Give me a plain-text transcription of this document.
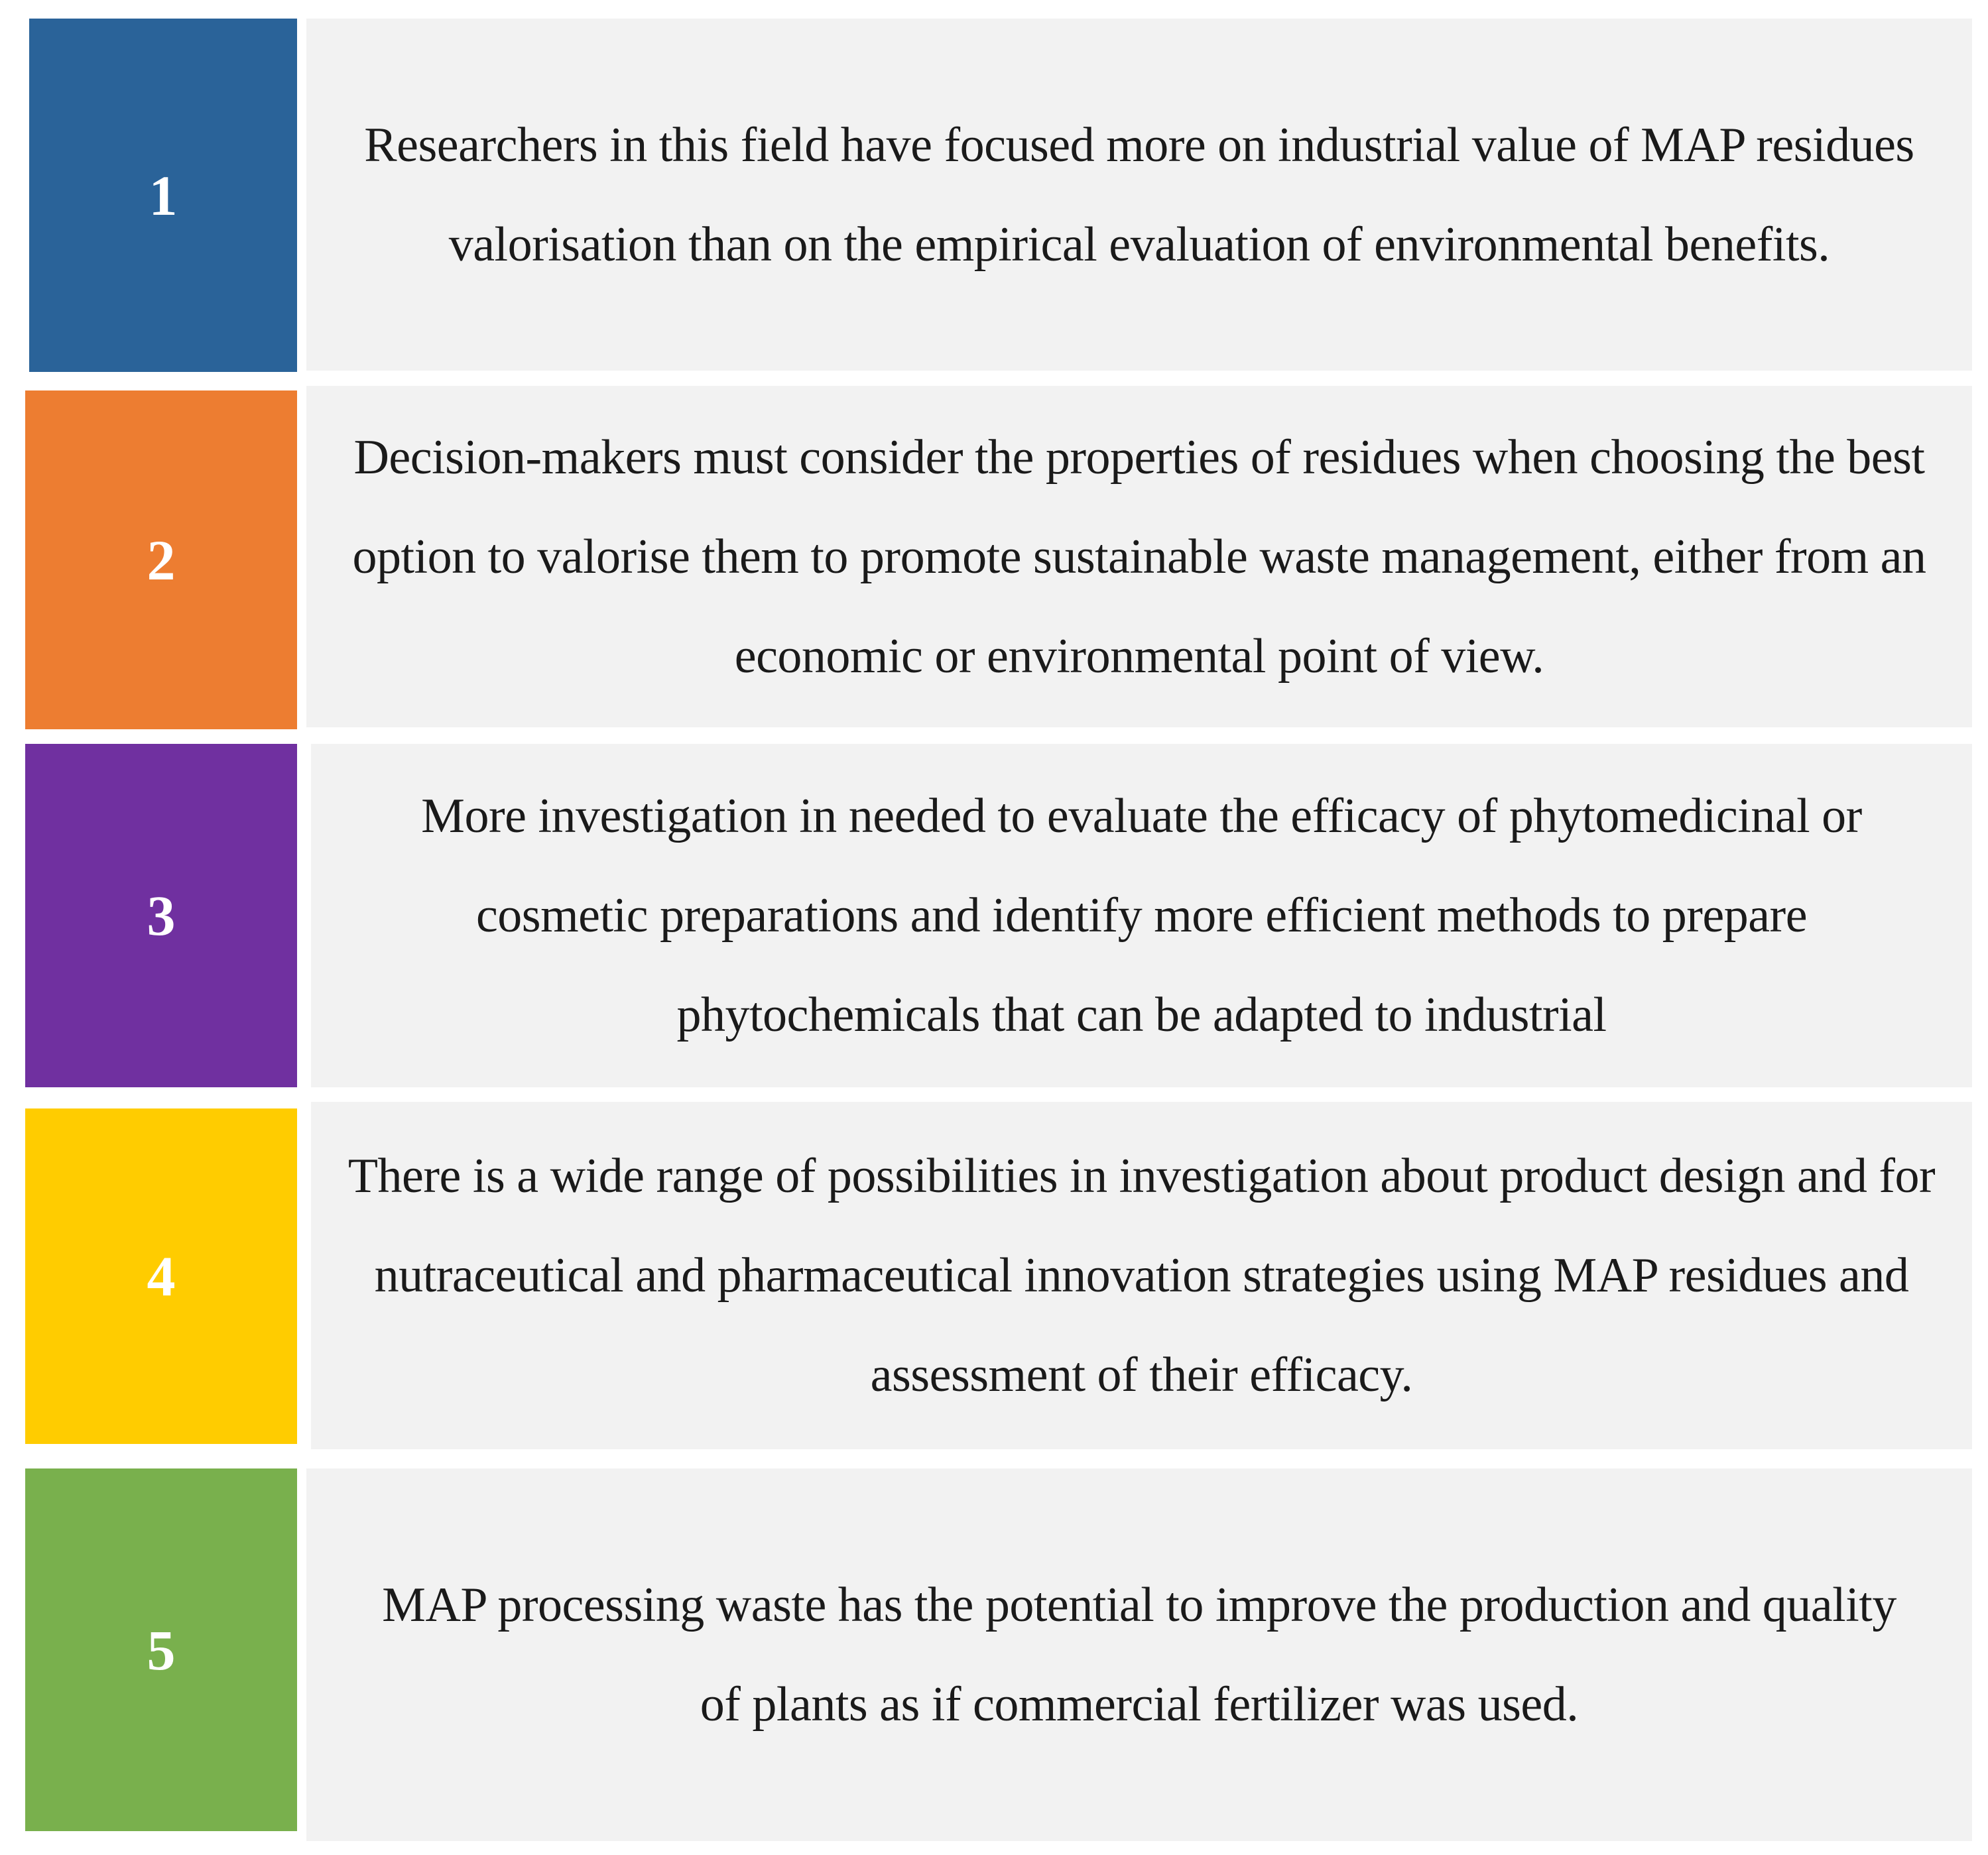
1

Researchers in this field have focused more on industrial value of MAP residues valorisation than on the empirical evaluation of environmental benefits.

2

Decision-makers must consider the properties of residues when choosing the best option to valorise them to promote sustainable waste management, either from an economic or environmental point of view.

3

More investigation in needed to evaluate the efficacy of phytomedicinal or cosmetic preparations and identify more efficient methods to prepare phytochemicals that can be adapted to industrial

4

There is a wide range of possibilities in investigation about product design and for nutraceutical and pharmaceutical innovation strategies using MAP residues and assessment of their efficacy.

5

MAP processing waste has the potential to improve the production and quality of plants as if commercial fertilizer was used.
